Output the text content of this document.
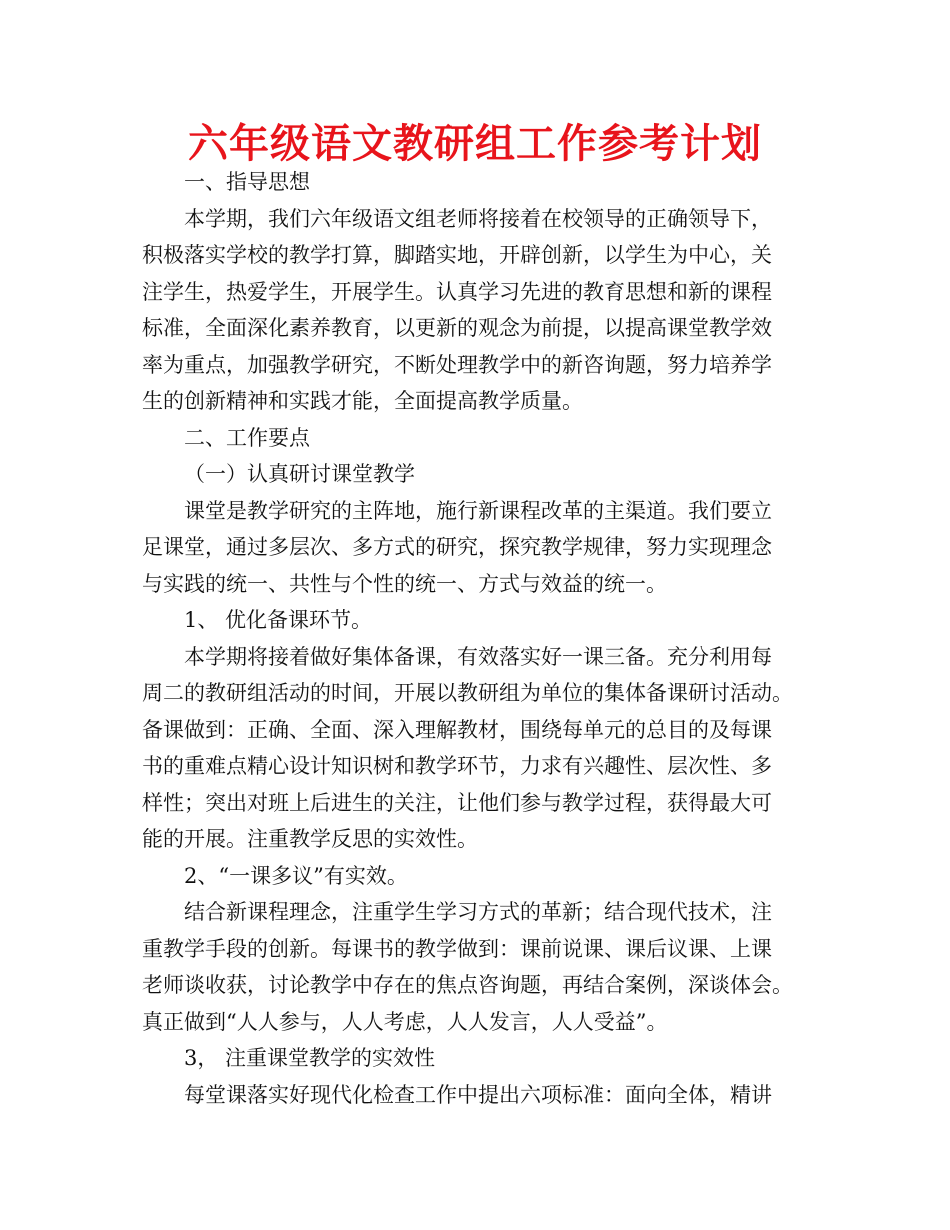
六年级语文教研组工作参考计划
一、指导思想
本学期，我们六年级语文组老师将接着在校领导的正确领导下，
积极落实学校的教学打算，脚踏实地，开辟创新，以学生为中心，关
注学生，热爱学生，开展学生。认真学习先进的教育思想和新的课程
标准，全面深化素养教育，以更新的观念为前提，以提高课堂教学效
率为重点，加强教学研究，不断处理教学中的新咨询题，努力培养学
生的创新精神和实践才能，全面提高教学质量。
二、工作要点
（一）认真研讨课堂教学
课堂是教学研究的主阵地，施行新课程改革的主渠道。我们要立
足课堂，通过多层次、多方式的研究，探究教学规律，努力实现理念
与实践的统一、共性与个性的统一、方式与效益的统一。
1、 优化备课环节。
本学期将接着做好集体备课，有效落实好一课三备。充分利用每
周二的教研组活动的时间，开展以教研组为单位的集体备课研讨活动。
备课做到：正确、全面、深入理解教材，围绕每单元的总目的及每课
书的重难点精心设计知识树和教学环节，力求有兴趣性、层次性、多
样性；突出对班上后进生的关注，让他们参与教学过程，获得最大可
能的开展。注重教学反思的实效性。
2、“一课多议”有实效。
结合新课程理念，注重学生学习方式的革新；结合现代技术，注
重教学手段的创新。每课书的教学做到：课前说课、课后议课、上课
老师谈收获，讨论教学中存在的焦点咨询题，再结合案例，深谈体会。
真正做到“人人参与，人人考虑，人人发言，人人受益”。
3， 注重课堂教学的实效性
每堂课落实好现代化检查工作中提出六项标准：面向全体，精讲
